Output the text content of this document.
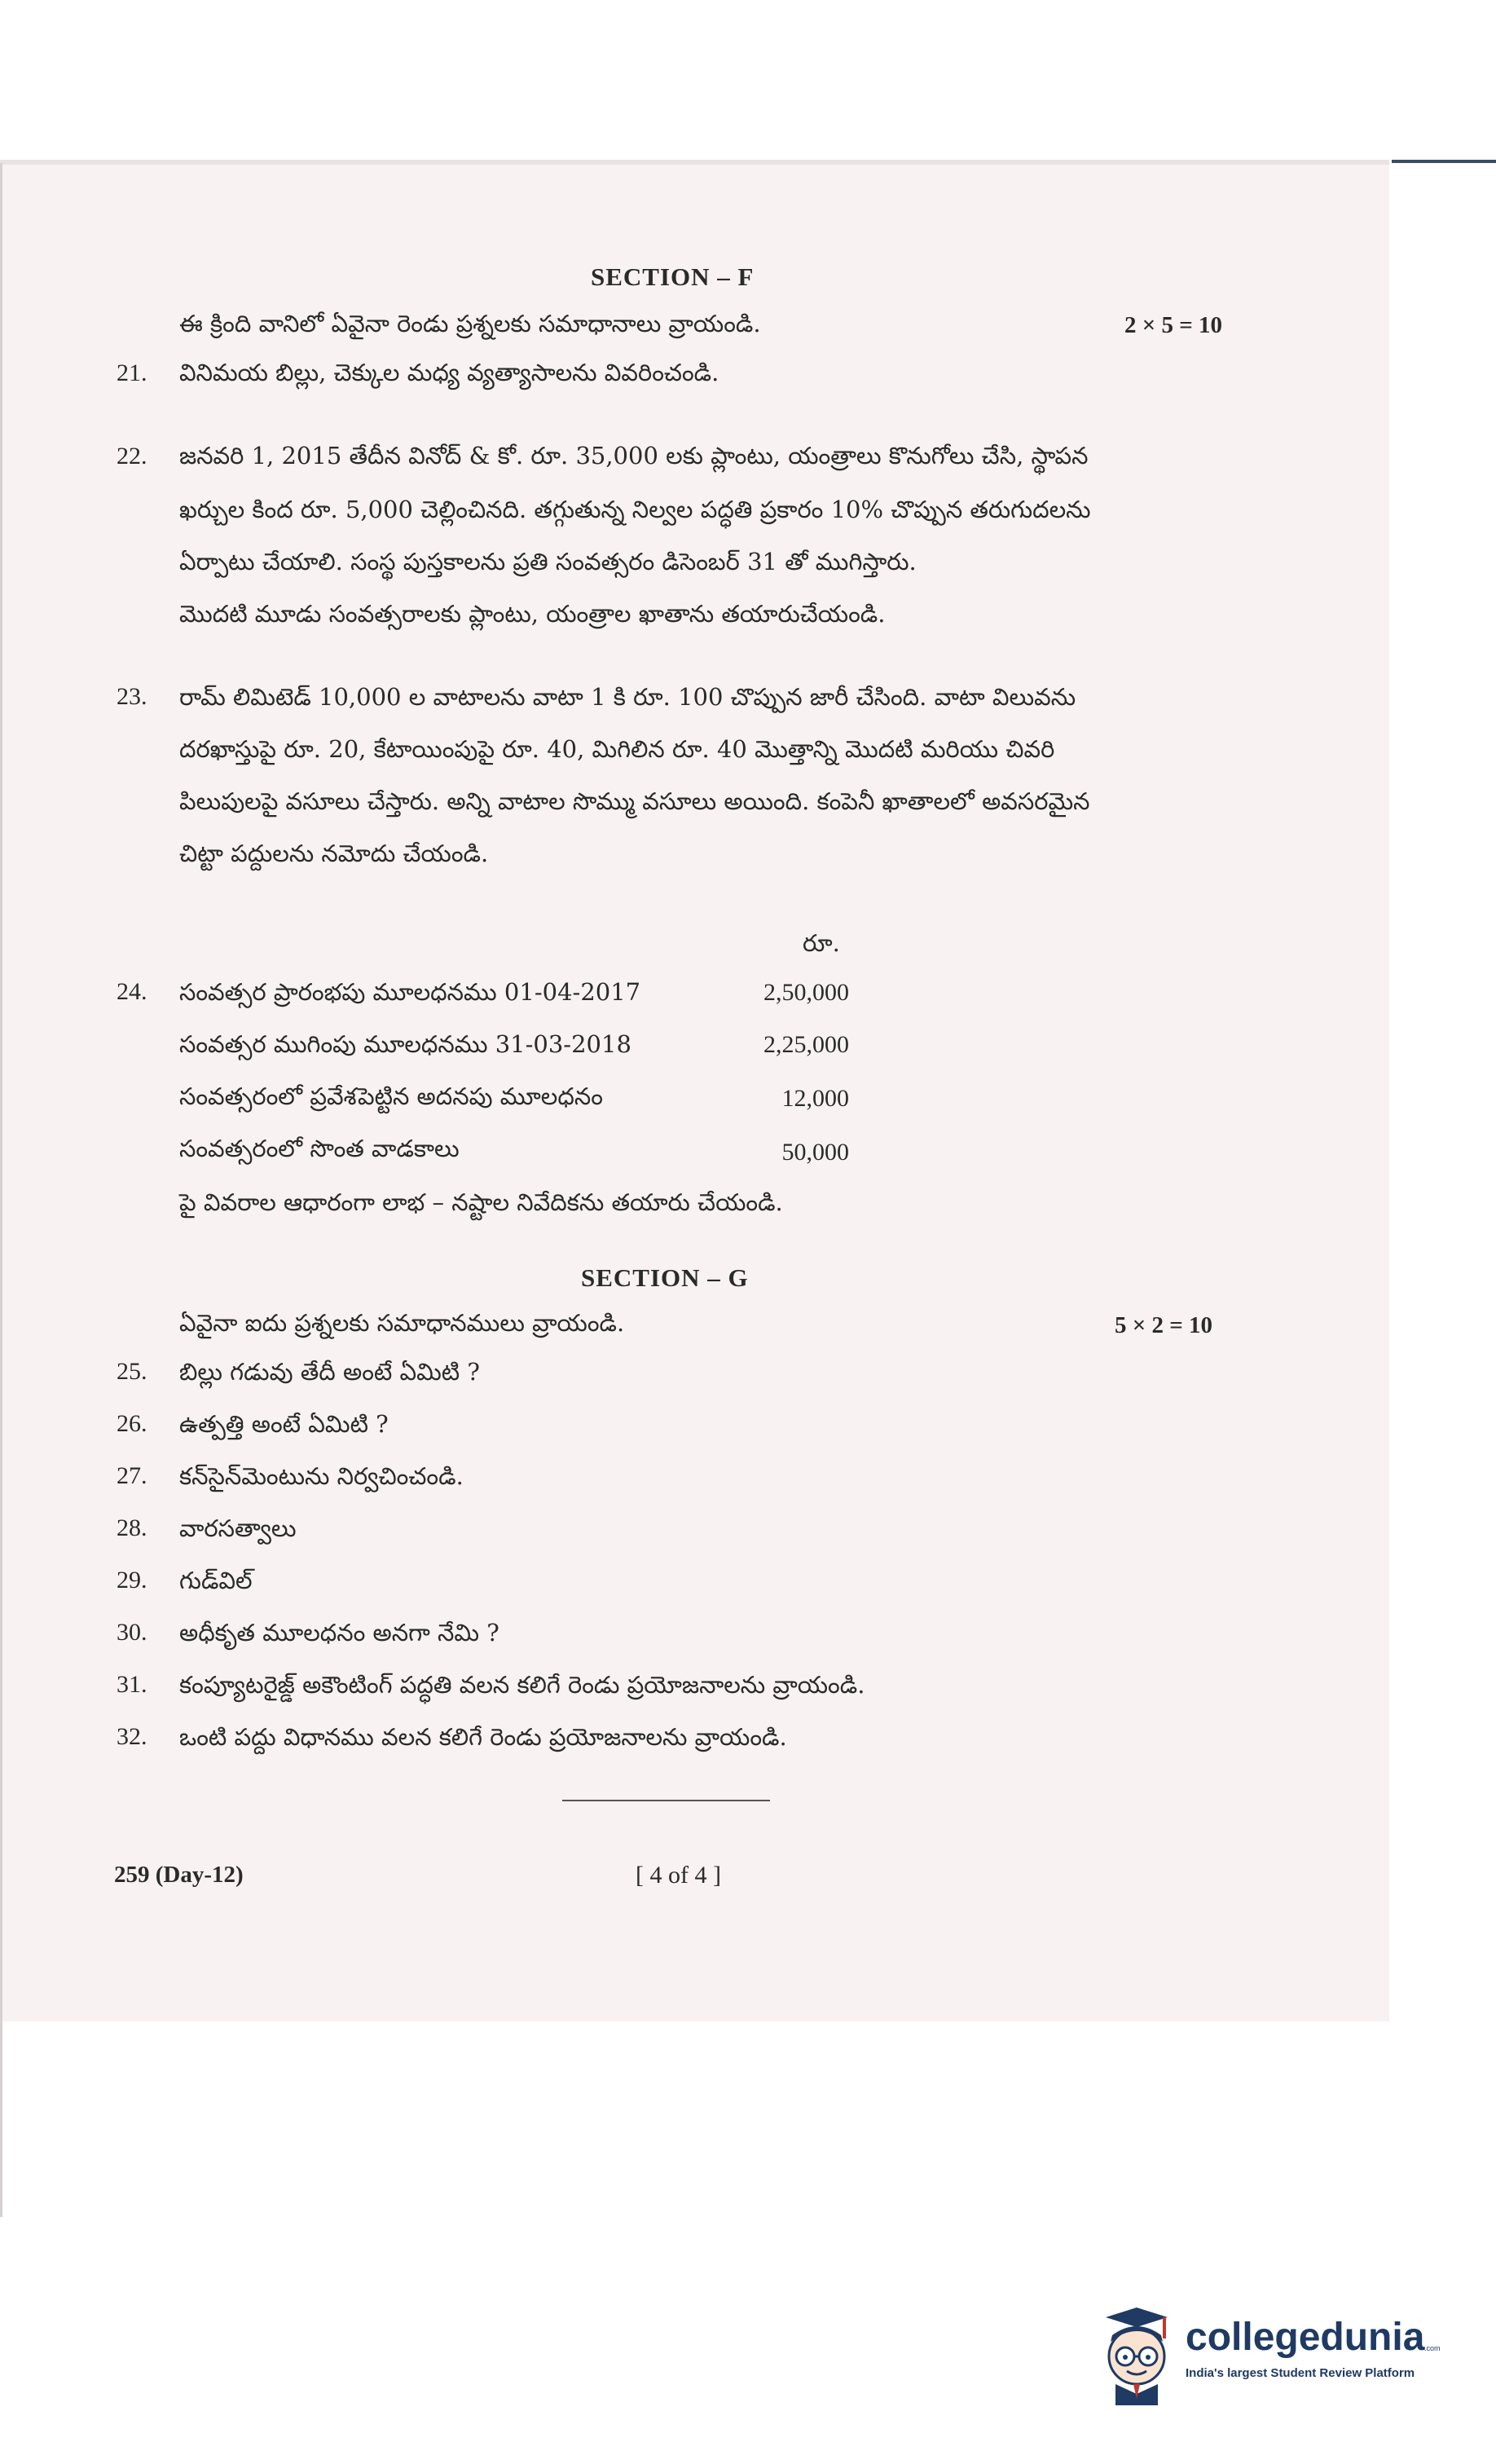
SECTION – F
ఈ క్రింది వానిలో ఏవైనా రెండు ప్రశ్నలకు సమాధానాలు వ్రాయండి.	2 × 5 = 10
21. వినిమయ బిల్లు, చెక్కుల మధ్య వ్యత్యాసాలను వివరించండి.
22. జనవరి 1, 2015 తేదీన వినోద్ & కో. రూ. 35,000 లకు ప్లాంటు, యంత్రాలు కొనుగోలు చేసి, స్థాపన
ఖర్చుల కింద రూ. 5,000 చెల్లించినది. తగ్గుతున్న నిల్వల పద్ధతి ప్రకారం 10% చొప్పున తరుగుదలను
ఏర్పాటు చేయాలి. సంస్థ పుస్తకాలను ప్రతి సంవత్సరం డిసెంబర్ 31 తో ముగిస్తారు.
మొదటి మూడు సంవత్సరాలకు ప్లాంటు, యంత్రాల ఖాతాను తయారుచేయండి.
23. రామ్ లిమిటెడ్ 10,000 ల వాటాలను వాటా 1 కి రూ. 100 చొప్పున జారీ చేసింది. వాటా విలువను
దరఖాస్తుపై రూ. 20, కేటాయింపుపై రూ. 40, మిగిలిన రూ. 40 మొత్తాన్ని మొదటి మరియు చివరి
పిలుపులపై వసూలు చేస్తారు. అన్ని వాటాల సొమ్ము వసూలు అయింది. కంపెనీ ఖాతాలలో అవసరమైన
చిట్టా పద్దులను నమోదు చేయండి.
రూ.
24. సంవత్సర ప్రారంభపు మూలధనము 01-04-2017	2,50,000
సంవత్సర ముగింపు మూలధనము 31-03-2018	2,25,000
సంవత్సరంలో ప్రవేశపెట్టిన అదనపు మూలధనం	12,000
సంవత్సరంలో సొంత వాడకాలు	50,000
పై వివరాల ఆధారంగా లాభ – నష్టాల నివేదికను తయారు చేయండి.
SECTION – G
ఏవైనా ఐదు ప్రశ్నలకు సమాధానములు వ్రాయండి.	5 × 2 = 10
25. బిల్లు గడువు తేదీ అంటే ఏమిటి ?
26. ఉత్పత్తి అంటే ఏమిటి ?
27. కన్‌సైన్‌మెంటును నిర్వచించండి.
28. వారసత్వాలు
29. గుడ్‌విల్
30. అధీకృత మూలధనం అనగా నేమి ?
31. కంప్యూటరైజ్డ్ అకౌంటింగ్ పద్ధతి వలన కలిగే రెండు ప్రయోజనాలను వ్రాయండి.
32. ఒంటి పద్దు విధానము వలన కలిగే రెండు ప్రయోజనాలను వ్రాయండి.
259 (Day-12)	[ 4 of 4 ]
collegedunia .com
India's largest Student Review Platform
